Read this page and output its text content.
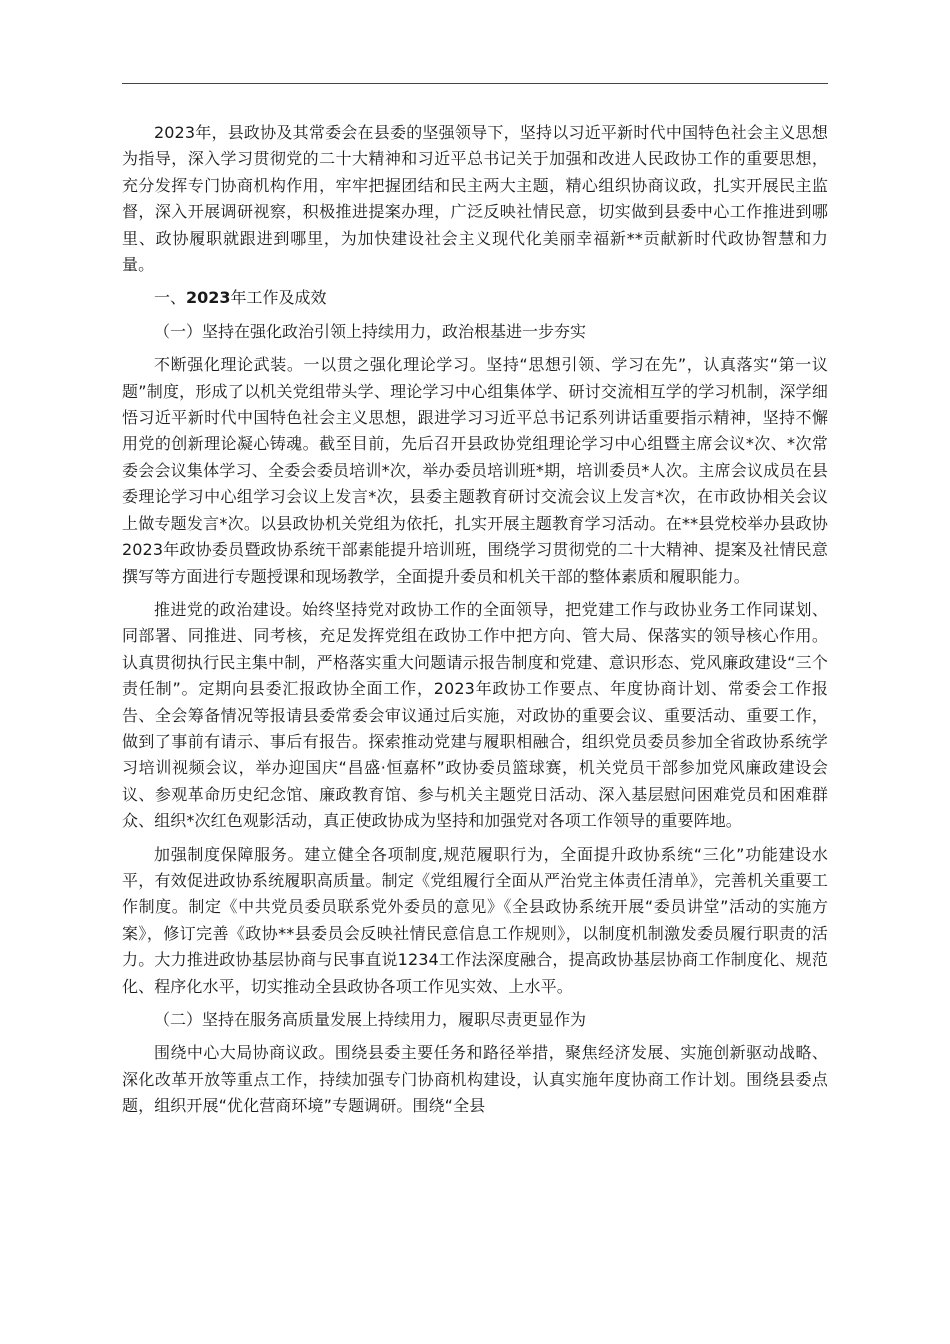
2023年，县政协及其常委会在县委的坚强领导下，坚持以习近平新时代中国特色社会主义思想为指导，深入学习贯彻党的二十大精神和习近平总书记关于加强和改进人民政协工作的重要思想，充分发挥专门协商机构作用，牢牢把握团结和民主两大主题，精心组织协商议政，扎实开展民主监督，深入开展调研视察，积极推进提案办理，广泛反映社情民意，切实做到县委中心工作推进到哪里、政协履职就跟进到哪里，为加快建设社会主义现代化美丽幸福新**贡献新时代政协智慧和力量。

一、2023年工作及成效

（一）坚持在强化政治引领上持续用力，政治根基进一步夯实

不断强化理论武装。一以贯之强化理论学习。坚持“思想引领、学习在先”，认真落实“第一议题”制度，形成了以机关党组带头学、理论学习中心组集体学、研讨交流相互学的学习机制，深学细悟习近平新时代中国特色社会主义思想，跟进学习习近平总书记系列讲话重要指示精神，坚持不懈用党的创新理论凝心铸魂。截至目前，先后召开县政协党组理论学习中心组暨主席会议*次、*次常委会会议集体学习、全委会委员培训*次，举办委员培训班*期，培训委员*人次。主席会议成员在县委理论学习中心组学习会议上发言*次，县委主题教育研讨交流会议上发言*次，在市政协相关会议上做专题发言*次。以县政协机关党组为依托，扎实开展主题教育学习活动。在**县党校举办县政协2023年政协委员暨政协系统干部素能提升培训班，围绕学习贯彻党的二十大精神、提案及社情民意撰写等方面进行专题授课和现场教学，全面提升委员和机关干部的整体素质和履职能力。

推进党的政治建设。始终坚持党对政协工作的全面领导，把党建工作与政协业务工作同谋划、同部署、同推进、同考核，充足发挥党组在政协工作中把方向、管大局、保落实的领导核心作用。认真贯彻执行民主集中制，严格落实重大问题请示报告制度和党建、意识形态、党风廉政建设“三个责任制”。定期向县委汇报政协全面工作，2023年政协工作要点、年度协商计划、常委会工作报告、全会筹备情况等报请县委常委会审议通过后实施，对政协的重要会议、重要活动、重要工作，做到了事前有请示、事后有报告。探索推动党建与履职相融合，组织党员委员参加全省政协系统学习培训视频会议，举办迎国庆“昌盛·恒嘉杯”政协委员篮球赛，机关党员干部参加党风廉政建设会议、参观革命历史纪念馆、廉政教育馆、参与机关主题党日活动、深入基层慰问困难党员和困难群众、组织*次红色观影活动，真正使政协成为坚持和加强党对各项工作领导的重要阵地。

加强制度保障服务。建立健全各项制度,规范履职行为，全面提升政协系统“三化”功能建设水平，有效促进政协系统履职高质量。制定《党组履行全面从严治党主体责任清单》，完善机关重要工作制度。制定《中共党员委员联系党外委员的意见》《全县政协系统开展“委员讲堂”活动的实施方案》，修订完善《政协**县委员会反映社情民意信息工作规则》，以制度机制激发委员履行职责的活力。大力推进政协基层协商与民事直说1234工作法深度融合，提高政协基层协商工作制度化、规范化、程序化水平，切实推动全县政协各项工作见实效、上水平。

（二）坚持在服务高质量发展上持续用力，履职尽责更显作为

围绕中心大局协商议政。围绕县委主要任务和路径举措，聚焦经济发展、实施创新驱动战略、深化改革开放等重点工作，持续加强专门协商机构建设，认真实施年度协商工作计划。围绕县委点题，组织开展“优化营商环境”专题调研。围绕“全县
